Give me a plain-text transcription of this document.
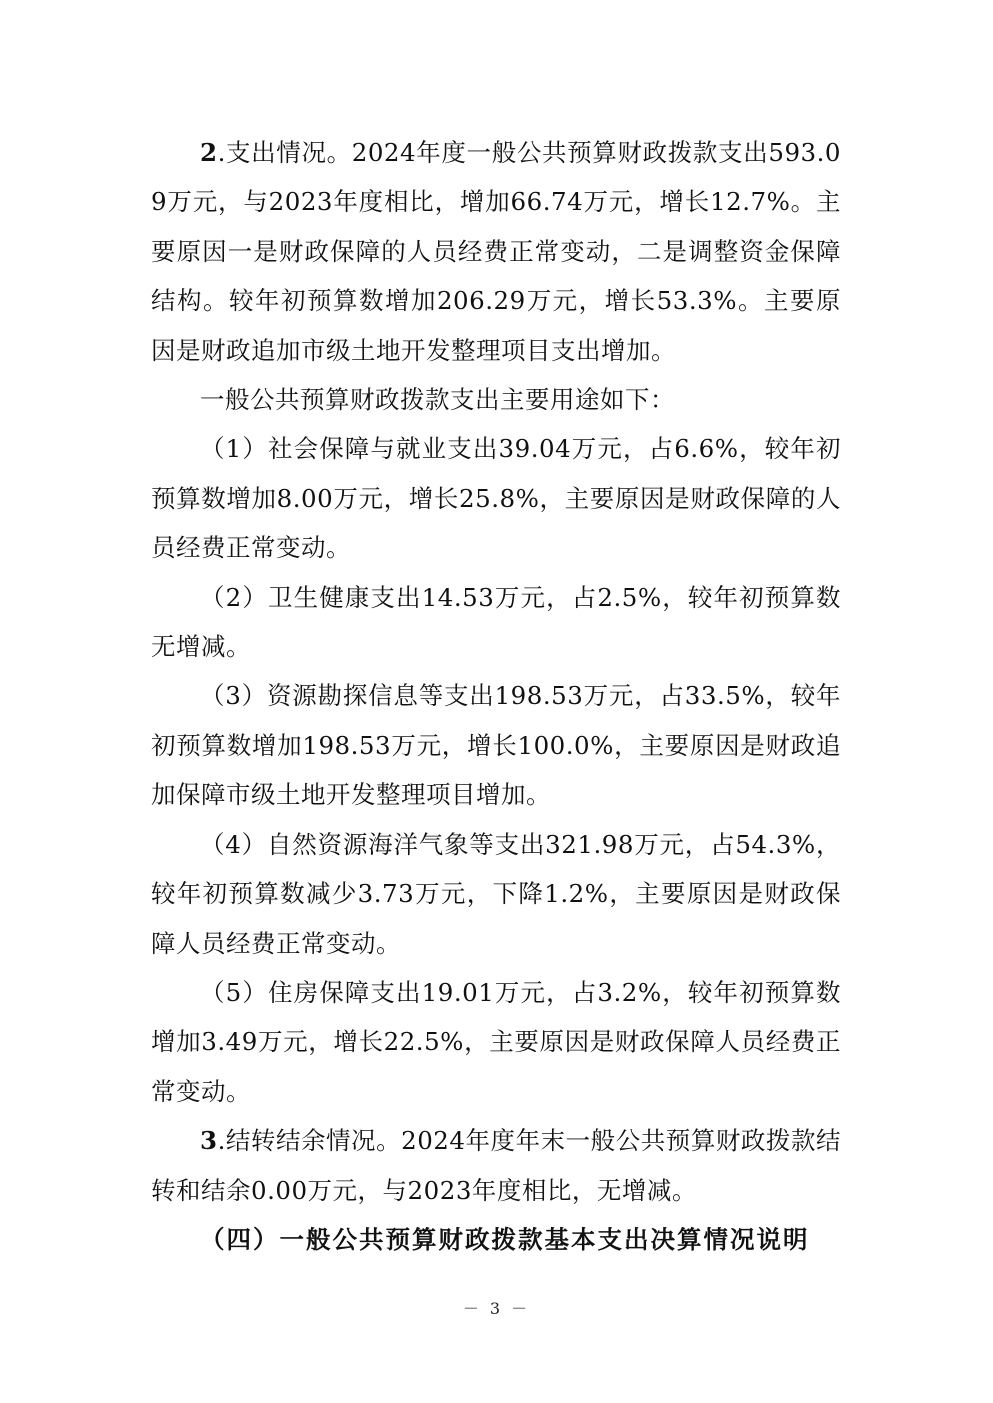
2.支出情况。2024年度一般公共预算财政拨款支出593.09万元，与2023年度相比，增加66.74万元，增长12.7%。主要原因一是财政保障的人员经费正常变动，二是调整资金保障结构。较年初预算数增加206.29万元，增长53.3%。主要原因是财政追加市级土地开发整理项目支出增加。

一般公共预算财政拨款支出主要用途如下：

（1）社会保障与就业支出39.04万元，占6.6%，较年初预算数增加8.00万元，增长25.8%，主要原因是财政保障的人员经费正常变动。

（2）卫生健康支出14.53万元，占2.5%，较年初预算数无增减。

（3）资源勘探信息等支出198.53万元，占33.5%，较年初预算数增加198.53万元，增长100.0%，主要原因是财政追加保障市级土地开发整理项目增加。

（4）自然资源海洋气象等支出321.98万元，占54.3%，较年初预算数减少3.73万元，下降1.2%，主要原因是财政保障人员经费正常变动。

（5）住房保障支出19.01万元，占3.2%，较年初预算数增加3.49万元，增长22.5%，主要原因是财政保障人员经费正常变动。

3.结转结余情况。2024年度年末一般公共预算财政拨款结转和结余0.00万元，与2023年度相比，无增减。

（四）一般公共预算财政拨款基本支出决算情况说明

－ 3 －
